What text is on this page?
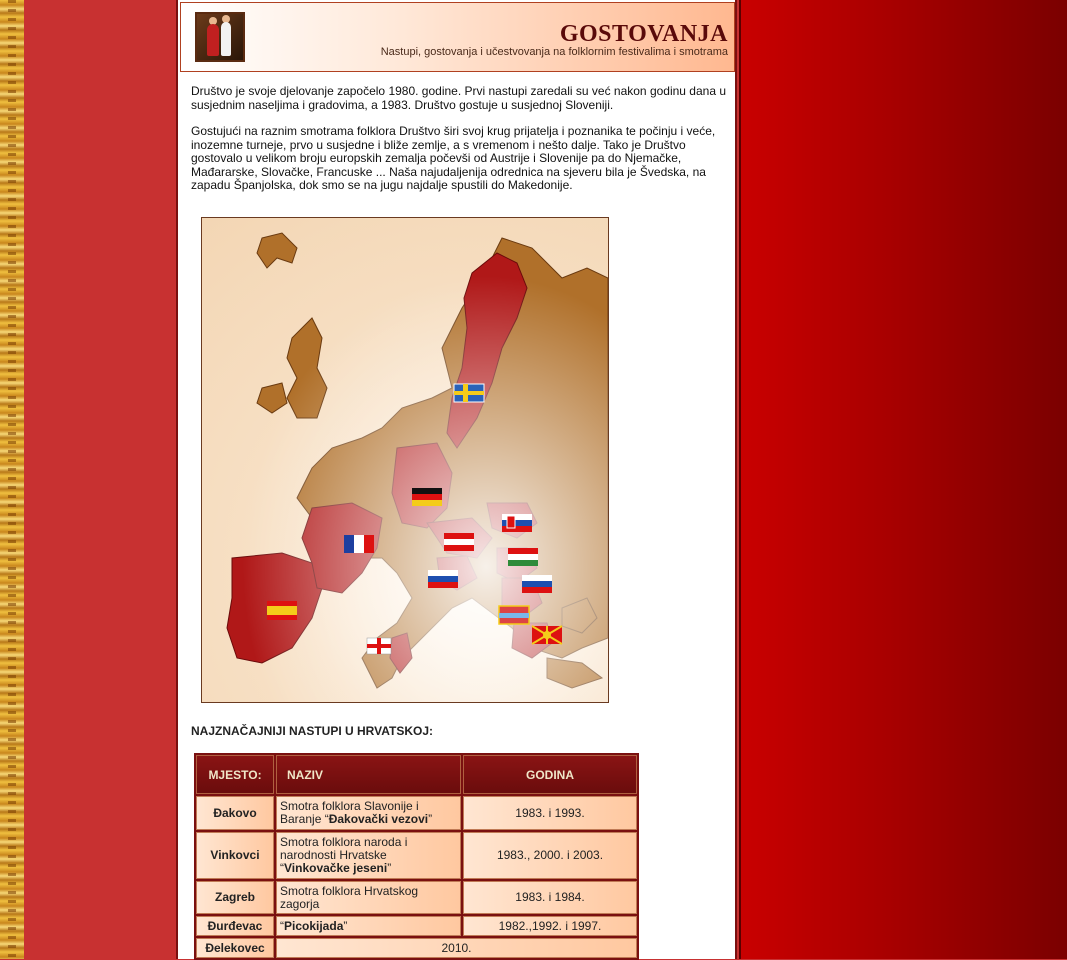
GOSTOVANJA
Nastupi, gostovanja i učestvovanja na folklornim festivalima i smotrama

Društvo je svoje djelovanje započelo 1980. godine. Prvi nastupi zaredali su već nakon godinu dana u susjednim naseljima i gradovima, a 1983. Društvo gostuje u susjednoj Sloveniji.

Gostujući na raznim smotrama folklora Društvo širi svoj krug prijatelja i poznanika te počinju i veće, inozemne turneje, prvo u susjedne i bliže zemlje, a s vremenom i nešto dalje. Tako je Društvo gostovalo u velikom broju europskih zemalja počevši od Austrije i Slovenije pa do Njemačke, Mađararske, Slovačke, Francuske ... Naša najudaljenija odrednica na sjeveru bila je Švedska, na zapadu Španjolska, dok smo se na jugu najdalje spustili do Makedonije.

NAJZNAČAJNIJI NASTUPI U HRVATSKOJ:
MJESTO:	NAZIV	GODINA
Đakovo	Smotra folklora Slavonije i Baranje “Đakovački vezovi”	1983. i 1993.
Vinkovci	Smotra folklora naroda i narodnosti Hrvatske “Vinkovačke jeseni”	1983., 2000. i 2003.
Zagreb	Smotra folklora Hrvatskog zagorja	1983. i 1984.
Đurđevac	“Picokijada”	1982.,1992. i 1997.
Đelekovec	2010.	
